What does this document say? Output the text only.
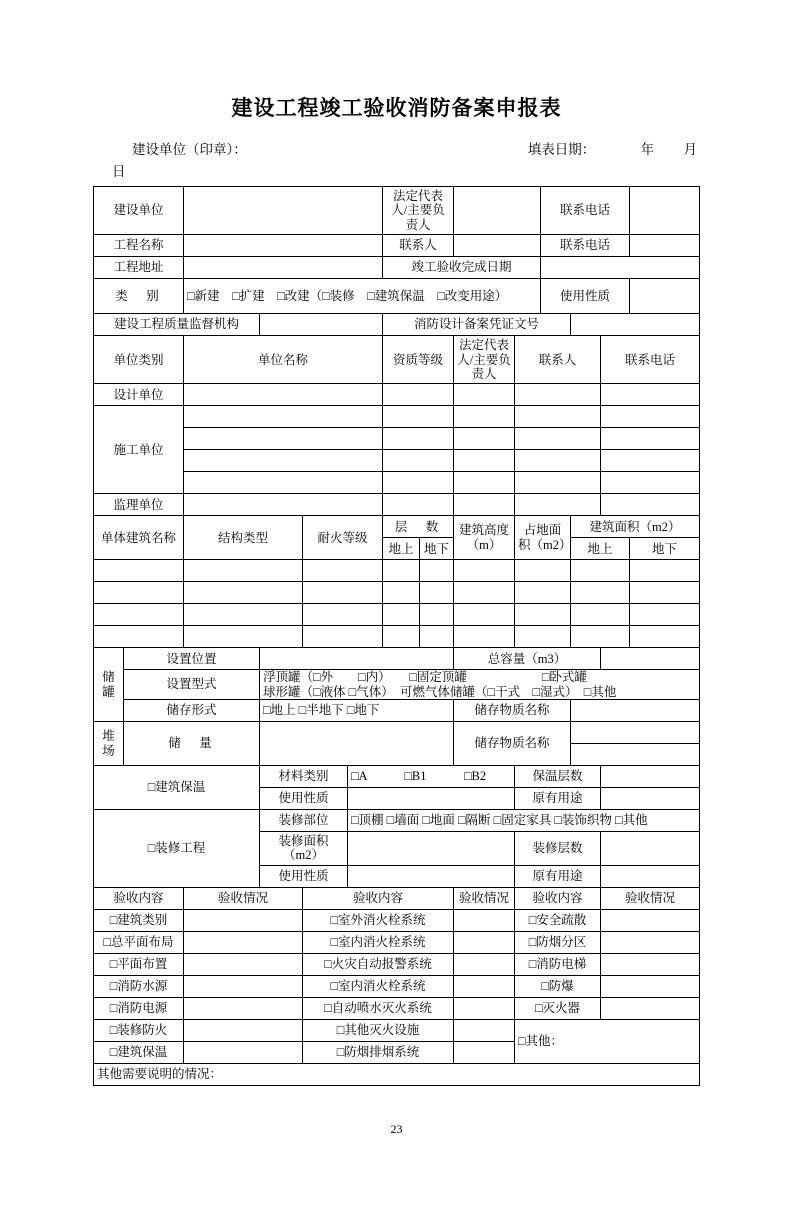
建设工程竣工验收消防备案申报表
建设单位（印章）：	填表日期：	年 月
日
建设单位						法定代表人/主要负责人				联系电话			
工程名称						联系人				联系电话			
工程地址						竣工验收完成日期							
类　别		□新建　□扩建　□改建（□装修　□建筑保温　□改变用途）								使用性质			
建设工程质量监督机构						消防设计备案凭证文号							
单位类别		单位名称				资质等级		法定代表人/主要负责人	联系人			联系电话	
设计单位													
施工单位													

监理单位													
单体建筑名称		结构类型		耐火等级		层　数		建筑高度（m）	占地面积（m2）		建筑面积（m2）		
						地上	地下				地上		地下

储罐	设置位置							总容量（m3）					
	设置型式		浮顶罐（□外　　□内）　　□固定顶罐　　　　　　□卧式罐
球形罐（□液体 □气体）　可燃气体储罐（□干式　□湿式）　□其他										

	储存形式		□地上 □半地下 □地下					储存物质名称					
堆场	储　量							储存物质名称					

□建筑保温			材料类别		□A　　　□B1　　　□B2				保温层数				
			使用性质						原有用途				
□装修工程			装修部位		□顶棚 □墙面 □地面 □隔断 □固定家具 □装饰织物 □其他								
			装修面积（m2）						装修层数				
			使用性质						原有用途				
验收内容		验收情况		验收内容				验收情况	验收内容			验收情况	
□建筑类别				□室外消火栓系统					□安全疏散				
□总平面布局				□室内消火栓系统					□防烟分区				
□平面布置				□火灾自动报警系统					□消防电梯				
□消防水源				□室内消火栓系统					□防爆				
□消防电源				□自动喷水灭火系统					□灭火器				
□装修防火				□其他灭火设施					□其他：				
□建筑保温				□防烟排烟系统									
其他需要说明的情况：													
23
